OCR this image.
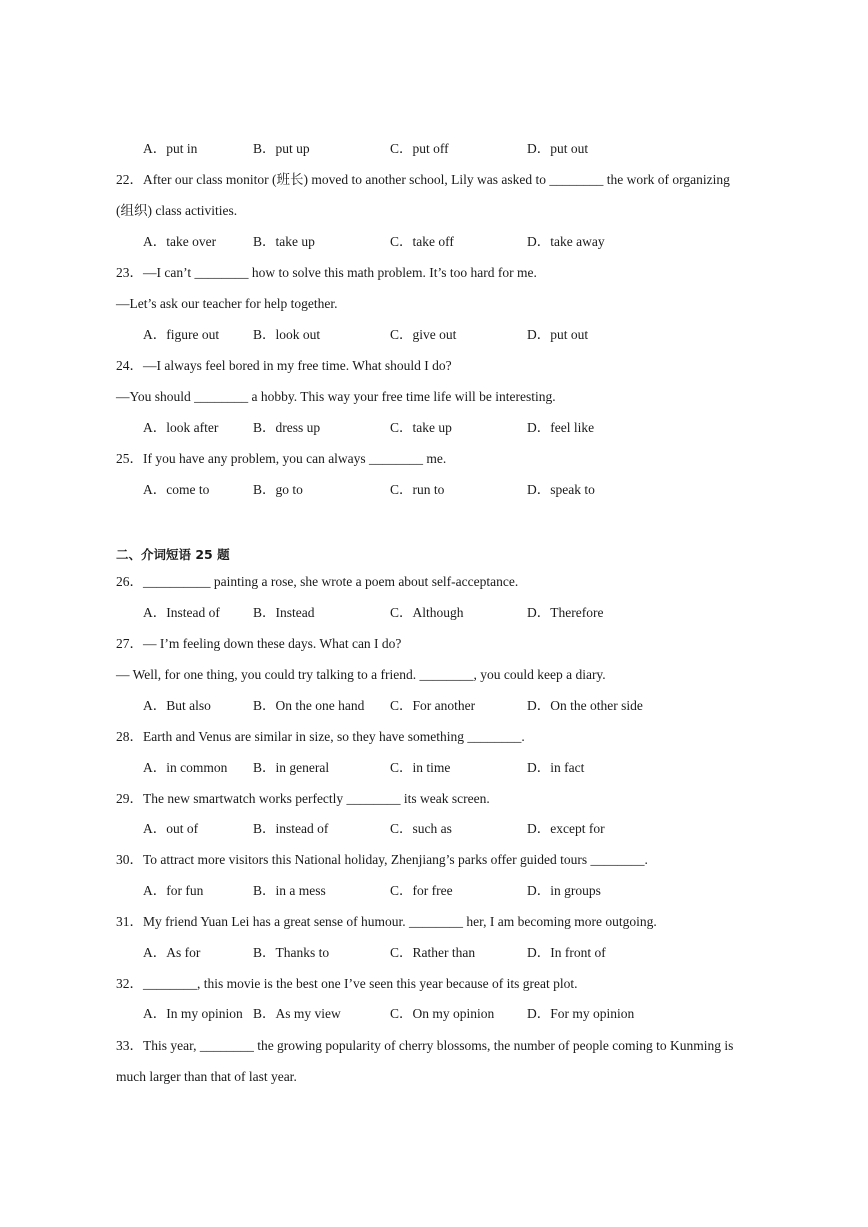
A．put in	B．put up	C．put off	D．put out
22．After our class monitor (班长) moved to another school, Lily was asked to ________ the work of organizing
(组织) class activities.
A．take over	B．take up	C．take off	D．take away
23．—I can’t ________ how to solve this math problem. It’s too hard for me.
—Let’s ask our teacher for help together.
A．figure out	B．look out	C．give out	D．put out
24．—I always feel bored in my free time. What should I do?
—You should ________ a hobby. This way your free time life will be interesting.
A．look after	B．dress up	C．take up	D．feel like
25．If you have any problem, you can always ________ me.
A．come to	B．go to	C．run to	D．speak to
二、介词短语 25 题
26．__________ painting a rose, she wrote a poem about self-acceptance.
A．Instead of B．Instead	C．Although	D．Therefore
27．— I’m feeling down these days. What can I do?
— Well, for one thing, you could try talking to a friend. ________, you could keep a diary.
A．But also	B．On the one hand C．For another	D．On the other side
28．Earth and Venus are similar in size, so they have something ________.
A．in common B．in general	C．in time	D．in fact
29．The new smartwatch works perfectly ________ its weak screen.
A．out of	B．instead of	C．such as	D．except for
30．To attract more visitors this National holiday, Zhenjiang’s parks offer guided tours ________.
A．for fun	B．in a mess	C．for free	D．in groups
31．My friend Yuan Lei has a great sense of humour. ________ her, I am becoming more outgoing.
A．As for	B．Thanks to	C．Rather than	D．In front of
32．________, this movie is the best one I’ve seen this year because of its great plot.
A．In my opinion B．As my view	C．On my opinion D．For my opinion
33．This year, ________ the growing popularity of cherry blossoms, the number of people coming to Kunming is
much larger than that of last year.
